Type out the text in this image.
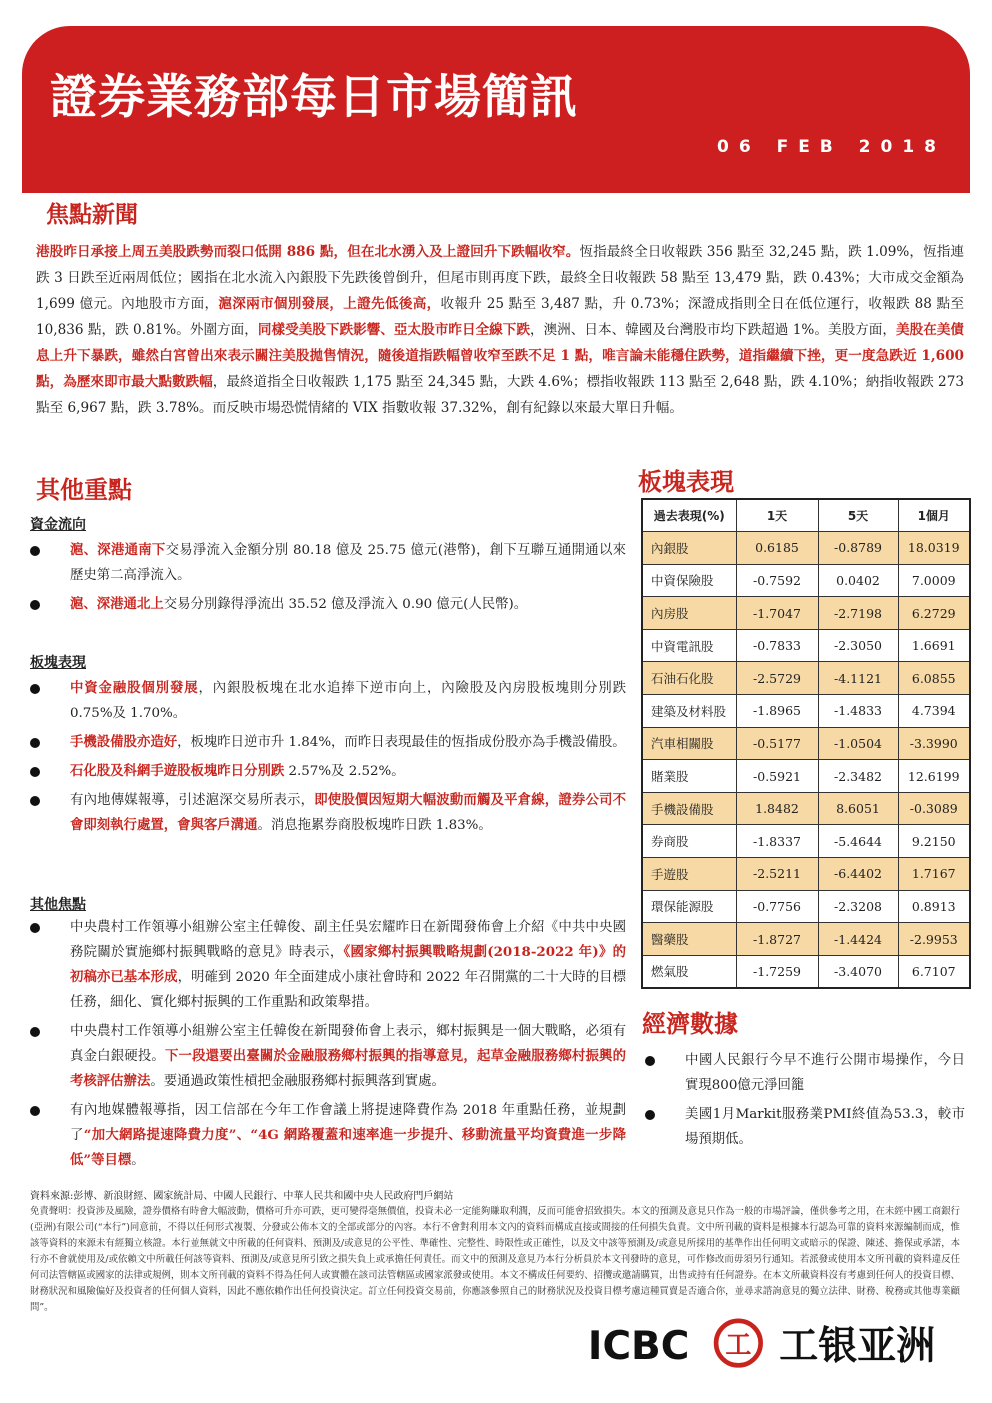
證券業務部每日市場簡訊
06 FEB 2018
焦點新聞

港股昨日承接上周五美股跌勢而裂口低開 886 點，但在北水湧入及上證回升下跌幅收窄。恆指最終全日收報跌 356 點至 32,245 點，跌 1.09%，恆指連跌 3 日跌至近兩周低位；國指在北水流入內銀股下先跌後曾倒升，但尾市則再度下跌，最終全日收報跌 58 點至 13,479 點，跌 0.43%；大市成交金額為 1,699 億元。內地股市方面，滬深兩市個別發展，上證先低後高，收報升 25 點至 3,487 點，升 0.73%；深證成指則全日在低位運行，收報跌 88 點至 10,836 點，跌 0.81%。外圍方面，同樣受美股下跌影響、亞太股市昨日全線下跌，澳洲、日本、韓國及台灣股市均下跌超過 1%。美股方面，美股在美債息上升下暴跌，雖然白宮曾出來表示關注美股拋售情況，隨後道指跌幅曾收窄至跌不足 1 點，唯言論未能穩住跌勢，道指繼續下挫，更一度急跌近 1,600 點，為歷來即市最大點數跌幅，最終道指全日收報跌 1,175 點至 24,345 點，大跌 4.6%；標指收報跌 113 點至 2,648 點，跌 4.10%；納指收報跌 273 點至 6,967 點，跌 3.78%。而反映市場恐慌情緒的 VIX 指數收報 37.32%，創有紀錄以來最大單日升幅。

其他重點
資金流向
滬、深港通南下交易淨流入金額分別 80.18 億及 25.75 億元(港幣)，創下互聯互通開通以來歷史第二高淨流入。
滬、深港通北上交易分別錄得淨流出 35.52 億及淨流入 0.90 億元(人民幣)。
板塊表現
中資金融股個別發展，內銀股板塊在北水追捧下逆市向上，內險股及內房股板塊則分別跌 0.75%及 1.70%。
手機設備股亦造好，板塊昨日逆市升 1.84%，而昨日表現最佳的恆指成份股亦為手機設備股。
石化股及科網手遊股板塊昨日分別跌 2.57%及 2.52%。
有內地傳媒報導，引述滬深交易所表示，即使股價因短期大幅波動而觸及平倉線，證券公司不會即刻執行處置，會與客戶溝通。消息拖累券商股板塊昨日跌 1.83%。
其他焦點
中央農村工作領導小組辦公室主任韓俊、副主任吳宏耀昨日在新聞發佈會上介紹《中共中央國務院關於實施鄉村振興戰略的意見》時表示，《國家鄉村振興戰略規劃(2018-2022 年)》的初稿亦已基本形成，明確到 2020 年全面建成小康社會時和 2022 年召開黨的二十大時的目標任務，細化、實化鄉村振興的工作重點和政策舉措。
中央農村工作領導小組辦公室主任韓俊在新聞發佈會上表示，鄉村振興是一個大戰略，必須有真金白銀硬投。下一段還要出臺關於金融服務鄉村振興的指導意見，起草金融服務鄉村振興的考核評估辦法。要通過政策性槓把金融服務鄉村振興落到實處。
有內地媒體報導指，因工信部在今年工作會議上將提速降費作為 2018 年重點任務，並規劃了“加大網路提速降費力度”、“4G 網路覆蓋和速率進一步提升、移動流量平均資費進一步降低”等目標。
板塊表現
過去表現(%)	1天	5天	1個月
內銀股	0.6185	-0.8789	18.0319
中資保險股	-0.7592	0.0402	7.0009
內房股	-1.7047	-2.7198	6.2729
中資電訊股	-0.7833	-2.3050	1.6691
石油石化股	-2.5729	-4.1121	6.0855
建築及材料股	-1.8965	-1.4833	4.7394
汽車相關股	-0.5177	-1.0504	-3.3990
賭業股	-0.5921	-2.3482	12.6199
手機設備股	1.8482	8.6051	-0.3089
券商股	-1.8337	-5.4644	9.2150
手遊股	-2.5211	-6.4402	1.7167
環保能源股	-0.7756	-2.3208	0.8913
醫藥股	-1.8727	-1.4424	-2.9953
燃氣股	-1.7259	-3.4070	6.7107
經濟數據
中國人民銀行今早不進行公開市場操作，今日實現800億元淨回籠
美國1月Markit服務業PMI終值為53.3，較市場預期低。
資料來源:彭博、新浪財經、國家統計局、中國人民銀行、中華人民共和國中央人民政府門戶網站
免責聲明：投資涉及風險，證券價格有時會大幅波動，價格可升亦可跌，更可變得毫無價值，投資未必一定能夠賺取利潤，反而可能會招致損失。本文的預測及意見只作為一般的市場評論，僅供參考之用，在未經中國工商銀行(亞洲)有限公司(“本行”)同意前，不得以任何形式複製、分發或公佈本文的全部或部分的內容。本行不會對利用本文內的資料而構成直接或間接的任何損失負責。文中所刊載的資料是根據本行認為可靠的資料來源編制而成，惟該等資料的來源未有經獨立核證。本行並無就文中所載的任何資料、預測及/或意見的公平性、準確性、完整性、時限性或正確性，以及文中該等預測及/或意見所採用的基準作出任何明文或暗示的保證、陳述、擔保或承諾，本行亦不會就使用及/或依賴文中所載任何該等資料、預測及/或意見所引致之損失負上或承擔任何責任。而文中的預測及意見乃本行分析員於本文刊發時的意見，可作修改而毋須另行通知。若派發或使用本文所刊載的資料違反任何司法管轄區或國家的法律或規例，則本文所刊載的資料不得為任何人或實體在該司法管轄區或國家派發或使用。本文不構成任何要約、招攬或邀請購買，出售或持有任何證券。在本文所載資料沒有考慮到任何人的投資目標、財務狀況和風險偏好及投資者的任何個人資料，因此不應依賴作出任何投資決定。訂立任何投資交易前，你應該參照自己的財務狀況及投資目標考慮這種買賣是否適合你，並尋求諮詢意見的獨立法律、財務、稅務或其他專業顧問”。
ICBC 工 工银亚洲
